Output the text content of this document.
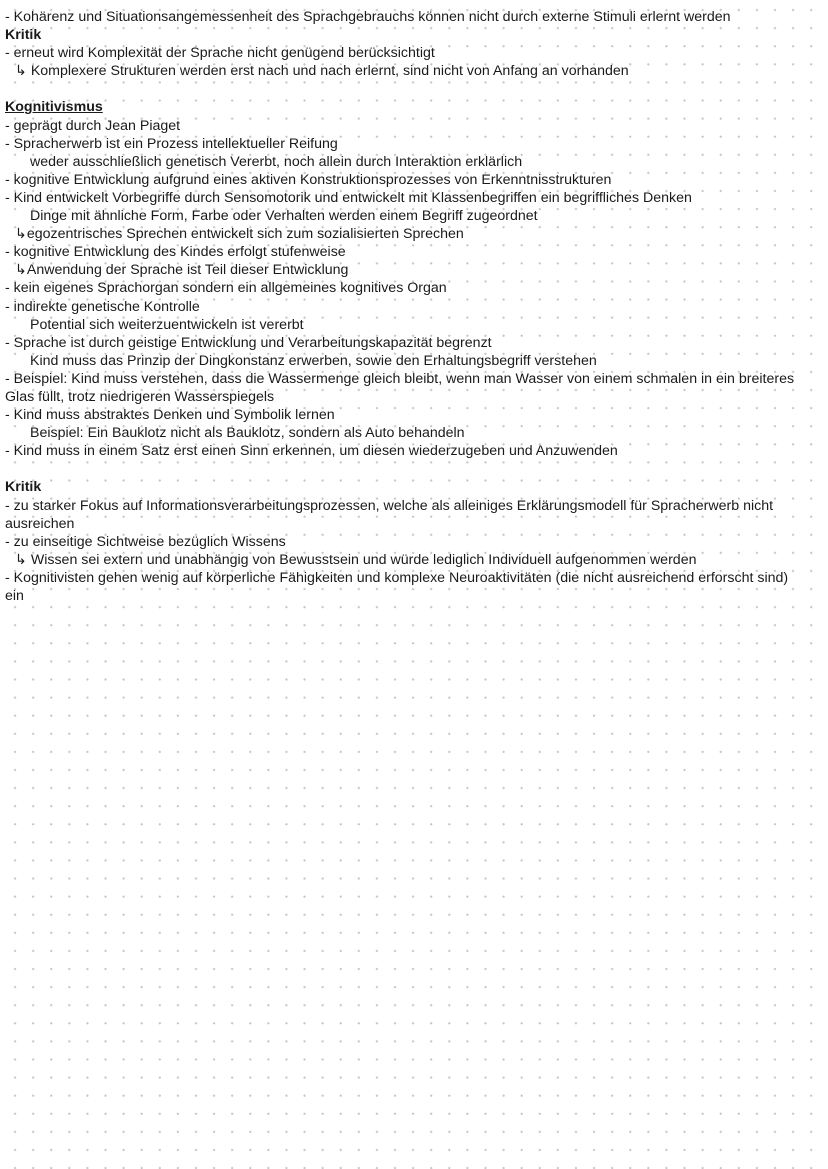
- Kohärenz und Situationsangemessenheit des Sprachgebrauchs können nicht durch externe Stimuli erlernt werden
Kritik
- erneut wird Komplexität der Sprache nicht genügend berücksichtigt
↳ Komplexere Strukturen werden erst nach und nach erlernt, sind nicht von Anfang an vorhanden
Kognitivismus
- geprägt durch Jean Piaget
- Spracherwerb ist ein Prozess intellektueller Reifung
weder ausschließlich genetisch Vererbt, noch allein durch Interaktion erklärlich
- kognitive Entwicklung aufgrund eines aktiven Konstruktionsprozesses von Erkenntnisstrukturen
- Kind entwickelt Vorbegriffe durch Sensomotorik und entwickelt mit Klassenbegriffen ein begriffliches Denken
Dinge mit ähnliche Form, Farbe oder Verhalten werden einem Begriff zugeordnet
↳egozentrisches Sprechen entwickelt sich zum sozialisierten Sprechen
- kognitive Entwicklung des Kindes erfolgt stufenweise
↳Anwendung der Sprache ist Teil dieser Entwicklung
- kein eigenes Sprachorgan sondern ein allgemeines kognitives Organ
- indirekte genetische Kontrolle
Potential sich weiterzuentwickeln ist vererbt
- Sprache ist durch geistige Entwicklung und Verarbeitungskapazität begrenzt
Kind muss das Prinzip der Dingkonstanz erwerben, sowie den Erhaltungsbegriff verstehen
- Beispiel: Kind muss verstehen, dass die Wassermenge gleich bleibt, wenn man Wasser von einem schmalen in ein breiteres Glas füllt, trotz niedrigeren Wasserspiegels
- Kind muss abstraktes Denken und Symbolik lernen
Beispiel: Ein Bauklotz nicht als Bauklotz, sondern als Auto behandeln
- Kind muss in einem Satz erst einen Sinn erkennen, um diesen wiederzugeben und Anzuwenden
Kritik
- zu starker Fokus auf Informationsverarbeitungsprozessen, welche als alleiniges Erklärungsmodell für Spracherwerb nicht ausreichen
- zu einseitige Sichtweise bezüglich Wissens
↳ Wissen sei extern und unabhängig von Bewusstsein und würde lediglich Individuell aufgenommen werden
- Kognitivisten gehen wenig auf körperliche Fähigkeiten und komplexe Neuroaktivitäten (die nicht ausreichend erforscht sind) ein
